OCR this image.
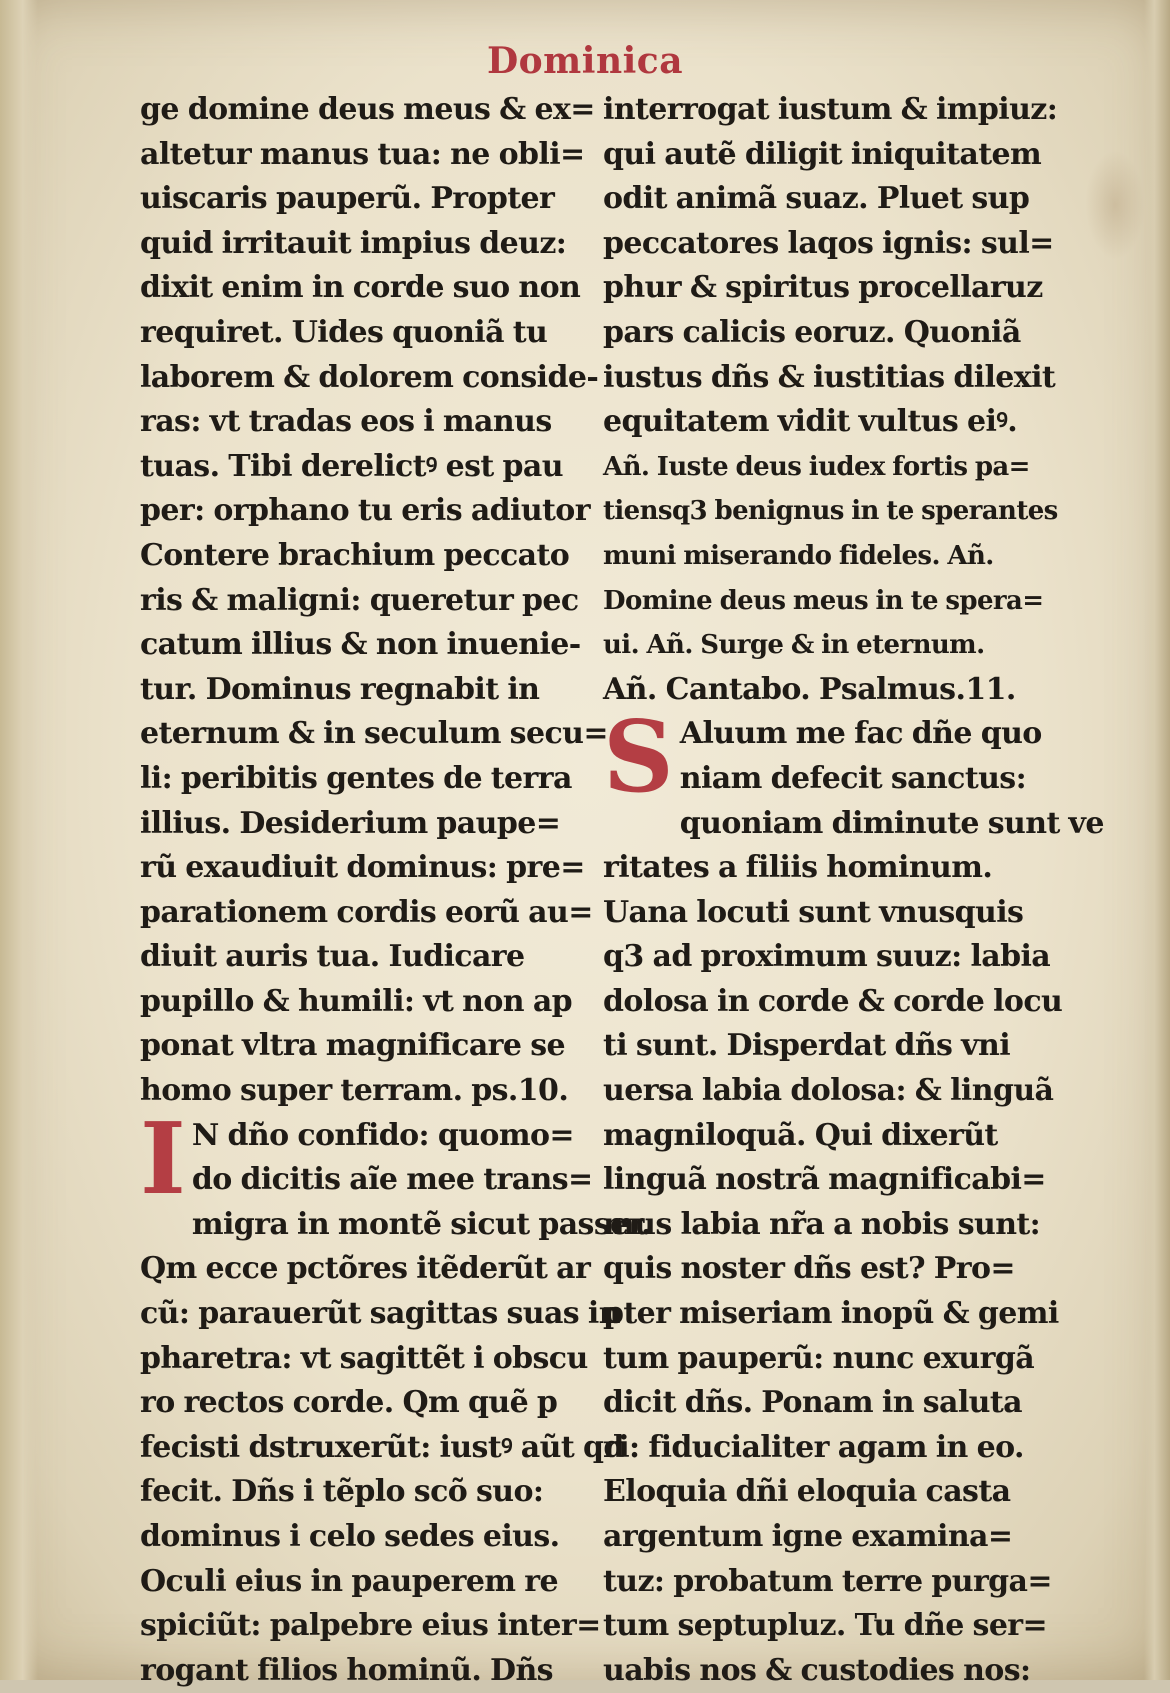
Dominica
ge domine deus meus & ex=
altetur manus tua: ne obli=
uiscaris pauperũ. Propter
quid irritauit impius deuz:
dixit enim in corde suo non
requiret. Uides quoniã tu
laborem & dolorem conside-
ras: vt tradas eos i manus
tuas. Tibi derelictꝰ est pau
per: orphano tu eris adiutor
Contere brachium peccato
ris & maligni: queretur pec
catum illius & non inuenie-
tur. Dominus regnabit in
eternum & in seculum secu=
li: peribitis gentes de terra
illius. Desiderium paupe=
rũ exaudiuit dominus: pre=
parationem cordis eorũ au=
diuit auris tua. Iudicare
pupillo & humili: vt non ap
ponat vltra magnificare se
homo super terram. ps.10.
I N dño confido: quomo=
do dicitis aĩe mee trans=
migra in montẽ sicut passer.
Qm ecce pctõres itẽderũt ar
cũ: parauerũt sagittas suas in
pharetra: vt sagittẽt i obscu
ro rectos corde. Qm quẽ p
fecisti dstruxerũt: iustꝰ aũt qd
fecit. Dñs i tẽplo scõ suo:
dominus i celo sedes eius.
Oculi eius in pauperem re
spiciũt: palpebre eius inter=
rogant filios hominũ. Dñs
interrogat iustum & impiuz:
qui autẽ diligit iniquitatem
odit animã suaz. Pluet sup
peccatores laqos ignis: sul=
phur & spiritus procellaruz
pars calicis eoruz. Quoniã
iustus dñs & iustitias dilexit
equitatem vidit vultus eiꝰ.
Añ. Iuste deus iudex fortis pa=
tiensq3 benignus in te sperantes
muni miserando fideles. Añ.
Domine deus meus in te spera=
ui. Añ. Surge & in eternum.
Añ. Cantabo. Psalmus.11.
S Aluum me fac dñe quo
niam defecit sanctus:
quoniam diminute sunt ve
ritates a filiis hominum.
Uana locuti sunt vnusquis
q3 ad proximum suuz: labia
dolosa in corde & corde locu
ti sunt. Disperdat dñs vni
uersa labia dolosa: & linguã
magniloquã. Qui dixerũt
linguã nostrã magnificabi=
mus labia nr̃a a nobis sunt:
quis noster dñs est? Pro=
pter miseriam inopũ & gemi
tum pauperũ: nunc exurgã
dicit dñs. Ponam in saluta
ri: fiducialiter agam in eo.
Eloquia dñi eloquia casta
argentum igne examina=
tuz: probatum terre purga=
tum septupluz. Tu dñe ser=
uabis nos & custodies nos:
